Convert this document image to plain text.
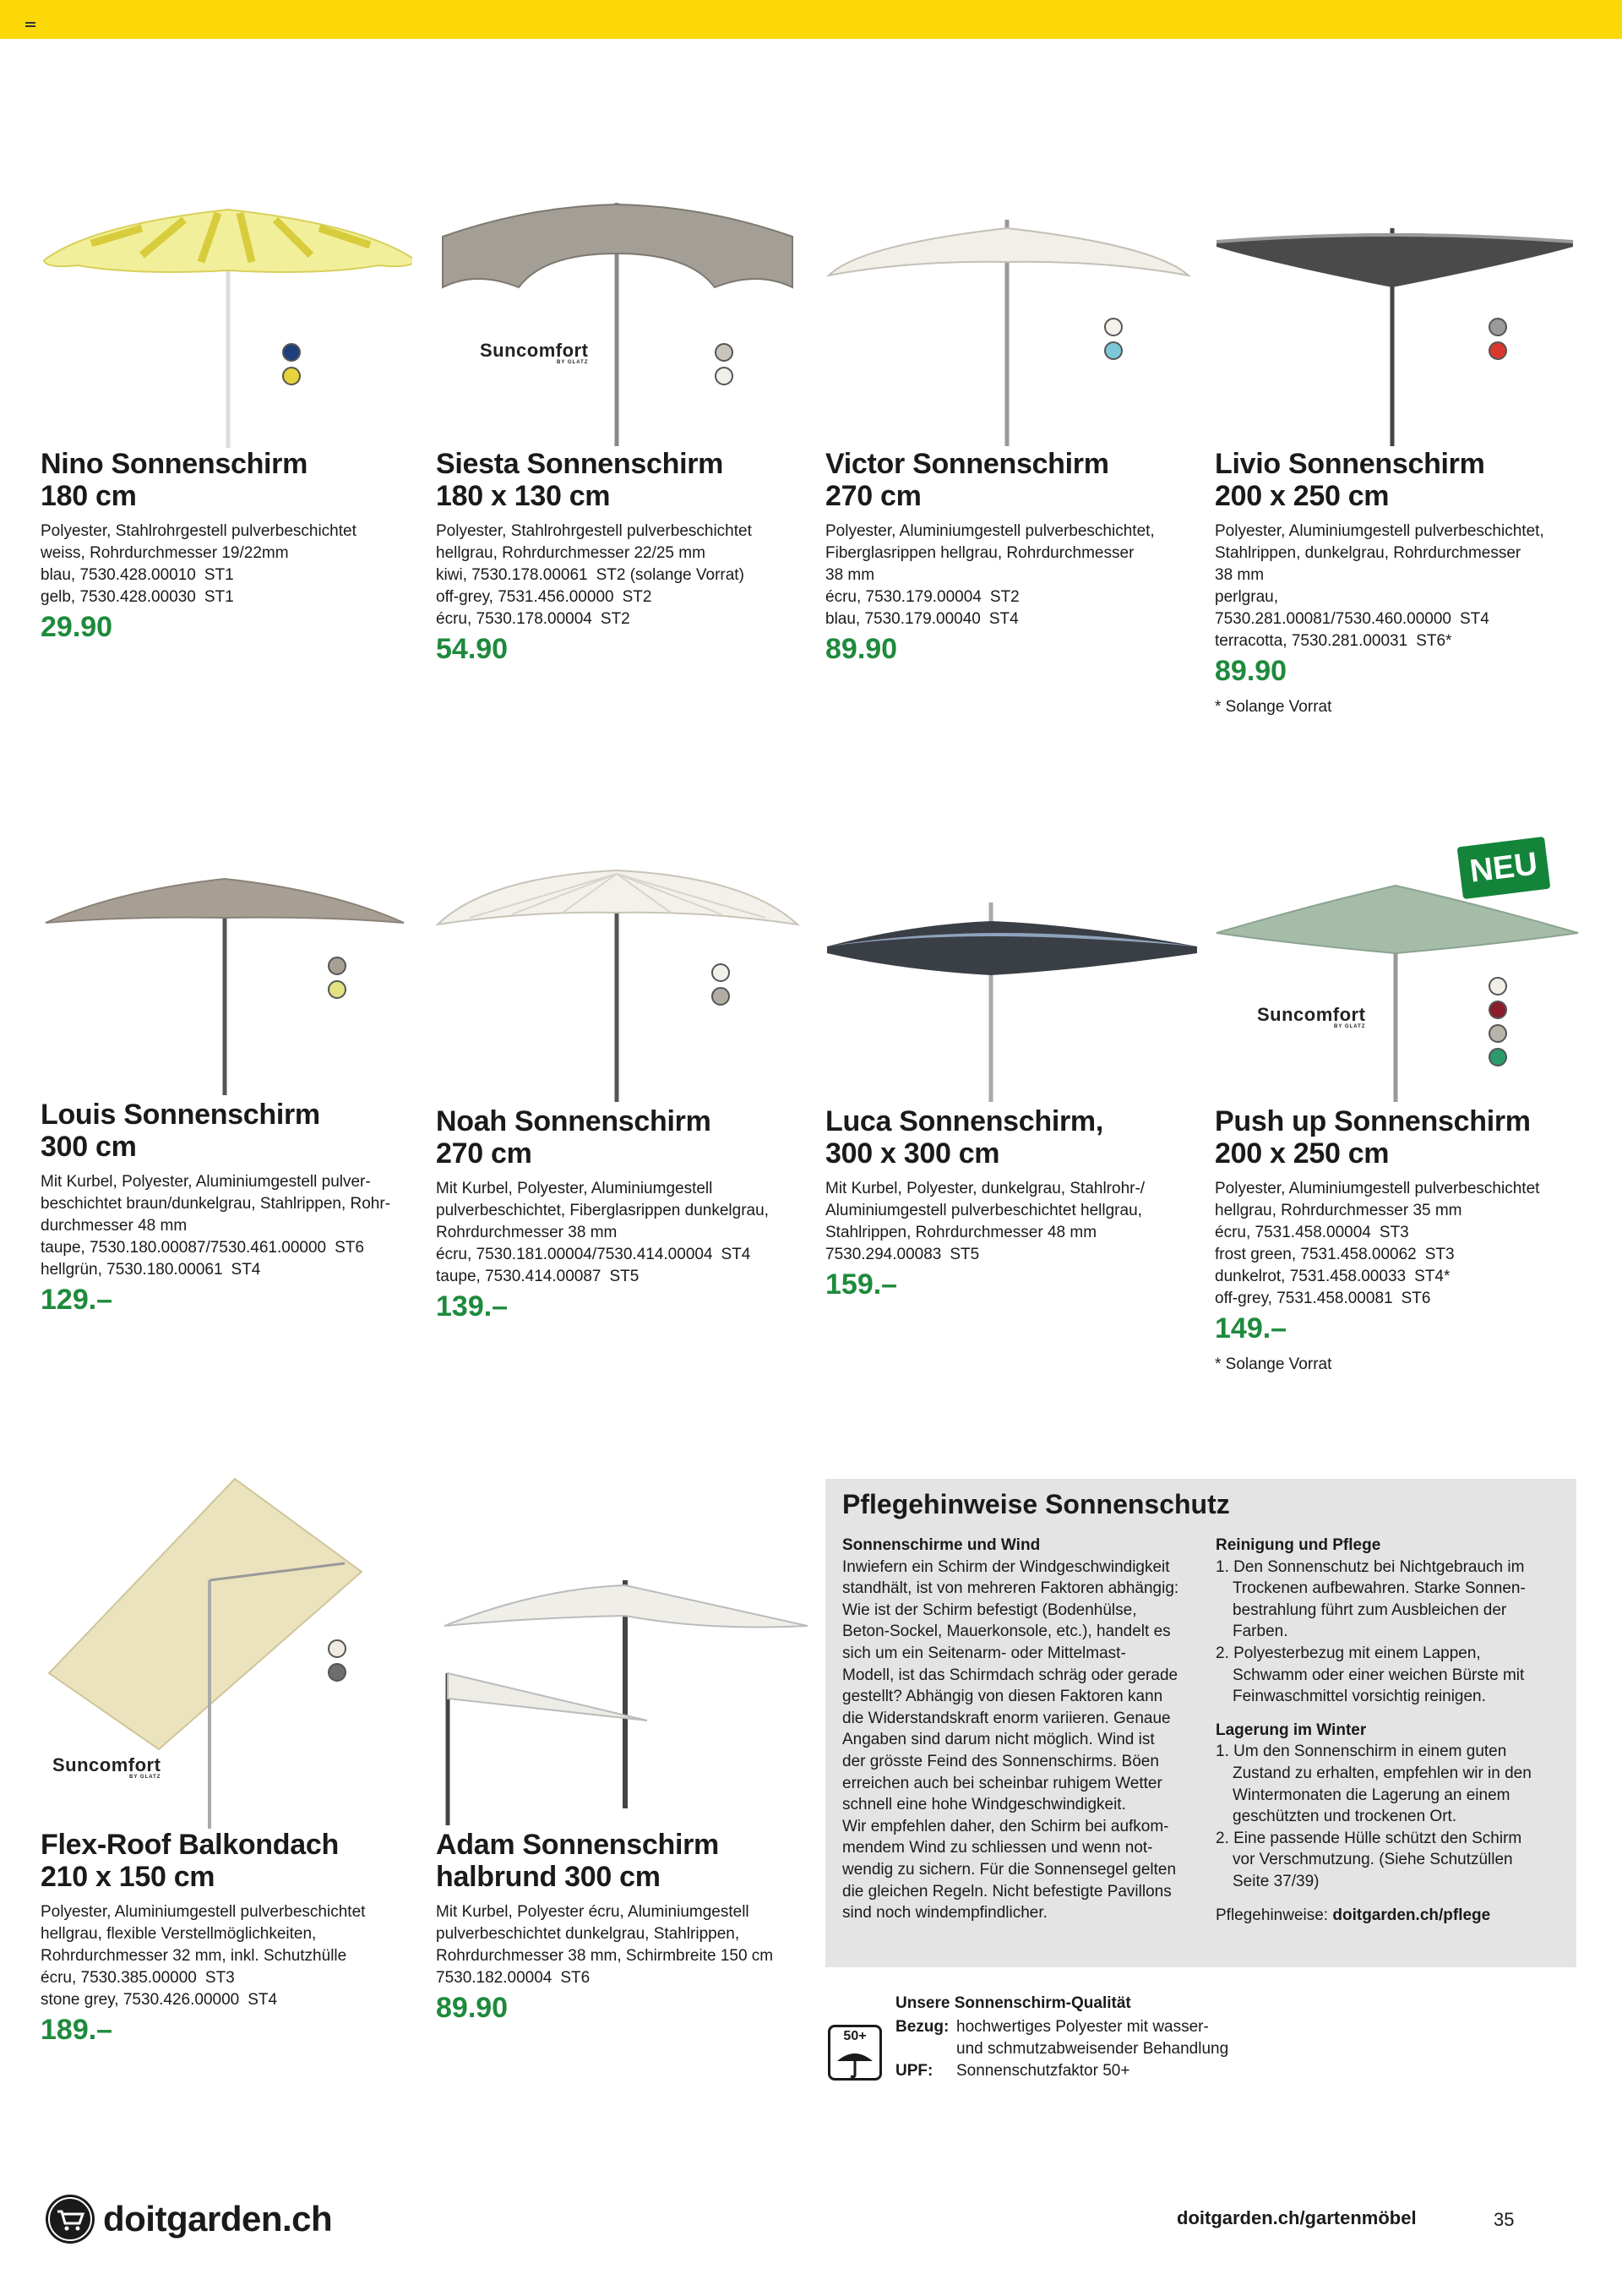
Nino Sonnenschirm
180 cm
Polyester, Stahlrohrgestell pulverbeschichtet
weiss, Rohrdurchmesser 19/22mm
blau, 7530.428.00010 ST1
gelb, 7530.428.00030 ST1
29.90
Suncomfort
BY GLATZ
Siesta Sonnenschirm
180 x 130 cm
Polyester, Stahlrohrgestell pulverbeschichtet
hellgrau, Rohrdurchmesser 22/25 mm
kiwi, 7530.178.00061 ST2 (solange Vorrat)
off-grey, 7531.456.00000 ST2
écru, 7530.178.00004 ST2
54.90
Victor Sonnenschirm
270 cm
Polyester, Aluminiumgestell pulverbeschichtet,
Fiberglasrippen hellgrau, Rohrdurchmesser
38 mm
écru, 7530.179.00004 ST2
blau, 7530.179.00040 ST4
89.90
Livio Sonnenschirm
200 x 250 cm
Polyester, Aluminiumgestell pulverbeschichtet,
Stahlrippen, dunkelgrau, Rohrdurchmesser
38 mm
perlgrau,
7530.281.00081/7530.460.00000 ST4
terracotta, 7530.281.00031 ST6*
89.90
* Solange Vorrat
Louis Sonnenschirm
300 cm
Mit Kurbel, Polyester, Aluminiumgestell pulver-
beschichtet braun/dunkelgrau, Stahlrippen, Rohr-
durchmesser 48 mm
taupe, 7530.180.00087/7530.461.00000 ST6
hellgrün, 7530.180.00061 ST4
129.–
Noah Sonnenschirm
270 cm
Mit Kurbel, Polyester, Aluminiumgestell
pulverbeschichtet, Fiberglasrippen dunkelgrau,
Rohrdurchmesser 38 mm
écru, 7530.181.00004/7530.414.00004 ST4
taupe, 7530.414.00087 ST5
139.–
Luca Sonnenschirm,
300 x 300 cm
Mit Kurbel, Polyester, dunkelgrau, Stahlrohr-/
Aluminiumgestell pulverbeschichtet hellgrau,
Stahlrippen, Rohrdurchmesser 48 mm
7530.294.00083 ST5
159.–
NEU
Suncomfort
BY GLATZ
Push up Sonnenschirm
200 x 250 cm
Polyester, Aluminiumgestell pulverbeschichtet
hellgrau, Rohrdurchmesser 35 mm
écru, 7531.458.00004 ST3
frost green, 7531.458.00062 ST3
dunkelrot, 7531.458.00033 ST4*
off-grey, 7531.458.00081 ST6
149.–
* Solange Vorrat
Suncomfort
BY GLATZ
Flex-Roof Balkondach
210 x 150 cm
Polyester, Aluminiumgestell pulverbeschichtet
hellgrau, flexible Verstellmöglichkeiten,
Rohrdurchmesser 32 mm, inkl. Schutzhülle
écru, 7530.385.00000 ST3
stone grey, 7530.426.00000 ST4
189.–
Adam Sonnenschirm
halbrund 300 cm
Mit Kurbel, Polyester écru, Aluminiumgestell
pulverbeschichtet dunkelgrau, Stahlrippen,
Rohrdurchmesser 38 mm, Schirmbreite 150 cm
7530.182.00004 ST6
89.90
Pflegehinweise Sonnenschutz
Sonnenschirme und Wind
Inwiefern ein Schirm der Windgeschwindigkeit
standhält, ist von mehreren Faktoren abhängig:
Wie ist der Schirm befestigt (Bodenhülse,
Beton-Sockel, Mauerkonsole, etc.), handelt es
sich um ein Seitenarm- oder Mittelmast-
Modell, ist das Schirmdach schräg oder gerade
gestellt? Abhängig von diesen Faktoren kann
die Widerstandskraft enorm variieren. Genaue
Angaben sind darum nicht möglich. Wind ist
der grösste Feind des Sonnenschirms. Böen
erreichen auch bei scheinbar ruhigem Wetter
schnell eine hohe Windgeschwindigkeit.
Wir empfehlen daher, den Schirm bei aufkom-
mendem Wind zu schliessen und wenn not-
wendig zu sichern. Für die Sonnensegel gelten
die gleichen Regeln. Nicht befestigte Pavillons
sind noch windempfindlicher.
Reinigung und Pflege
1. Den Sonnenschutz bei Nichtgebrauch im
Trockenen aufbewahren. Starke Sonnen-
bestrahlung führt zum Ausbleichen der
Farben.
2. Polyesterbezug mit einem Lappen,
Schwamm oder einer weichen Bürste mit
Feinwaschmittel vorsichtig reinigen.
Lagerung im Winter
1. Um den Sonnenschirm in einem guten
Zustand zu erhalten, empfehlen wir in den
Wintermonaten die Lagerung an einem
geschützten und trockenen Ort.
2. Eine passende Hülle schützt den Schirm
vor Verschmutzung. (Siehe Schutzüllen
Seite 37/39)
Pflegehinweise: doitgarden.ch/pflege
50+
Unsere Sonnenschirm-Qualität
Bezug: hochwertiges Polyester mit wasser-
und schmutzabweisender Behandlung
UPF: Sonnenschutzfaktor 50+
doitgarden.ch	doitgarden.ch/gartenmöbel	35
